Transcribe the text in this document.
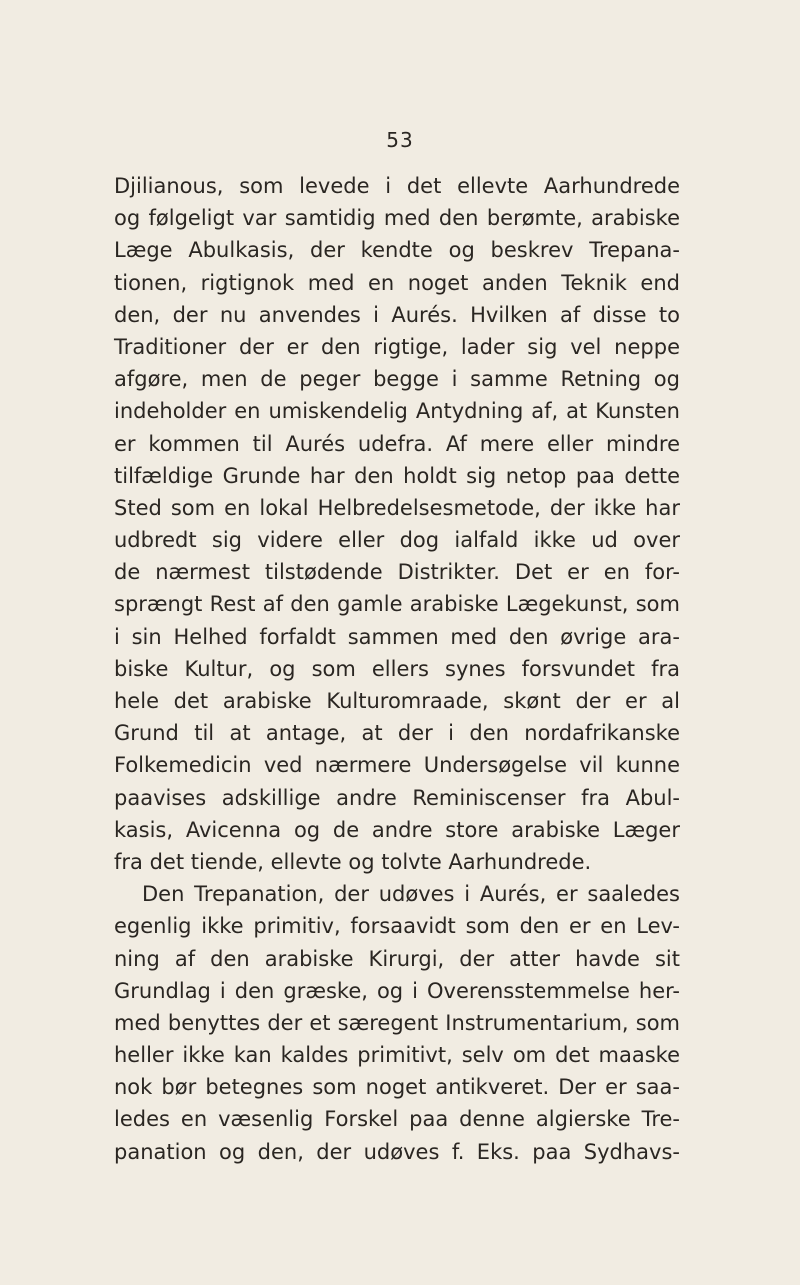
53
Djilianous, som levede i det ellevte Aarhundrede
og følgeligt var samtidig med den berømte, arabiske
Læge Abulkasis, der kendte og beskrev Trepana-
tionen, rigtignok med en noget anden Teknik end
den, der nu anvendes i Aurés. Hvilken af disse to
Traditioner der er den rigtige, lader sig vel neppe
afgøre, men de peger begge i samme Retning og
indeholder en umiskendelig Antydning af, at Kunsten
er kommen til Aurés udefra. Af mere eller mindre
tilfældige Grunde har den holdt sig netop paa dette
Sted som en lokal Helbredelsesmetode, der ikke har
udbredt sig videre eller dog ialfald ikke ud over
de nærmest tilstødende Distrikter. Det er en for-
sprængt Rest af den gamle arabiske Lægekunst, som
i sin Helhed forfaldt sammen med den øvrige ara-
biske Kultur, og som ellers synes forsvundet fra
hele det arabiske Kulturomraade, skønt der er al
Grund til at antage, at der i den nordafrikanske
Folkemedicin ved nærmere Undersøgelse vil kunne
paavises adskillige andre Reminiscenser fra Abul-
kasis, Avicenna og de andre store arabiske Læger
fra det tiende, ellevte og tolvte Aarhundrede.
Den Trepanation, der udøves i Aurés, er saaledes
egenlig ikke primitiv, forsaavidt som den er en Lev-
ning af den arabiske Kirurgi, der atter havde sit
Grundlag i den græske, og i Overensstemmelse her-
med benyttes der et særegent Instrumentarium, som
heller ikke kan kaldes primitivt, selv om det maaske
nok bør betegnes som noget antikveret. Der er saa-
ledes en væsenlig Forskel paa denne algierske Tre-
panation og den, der udøves f. Eks. paa Sydhavs-
